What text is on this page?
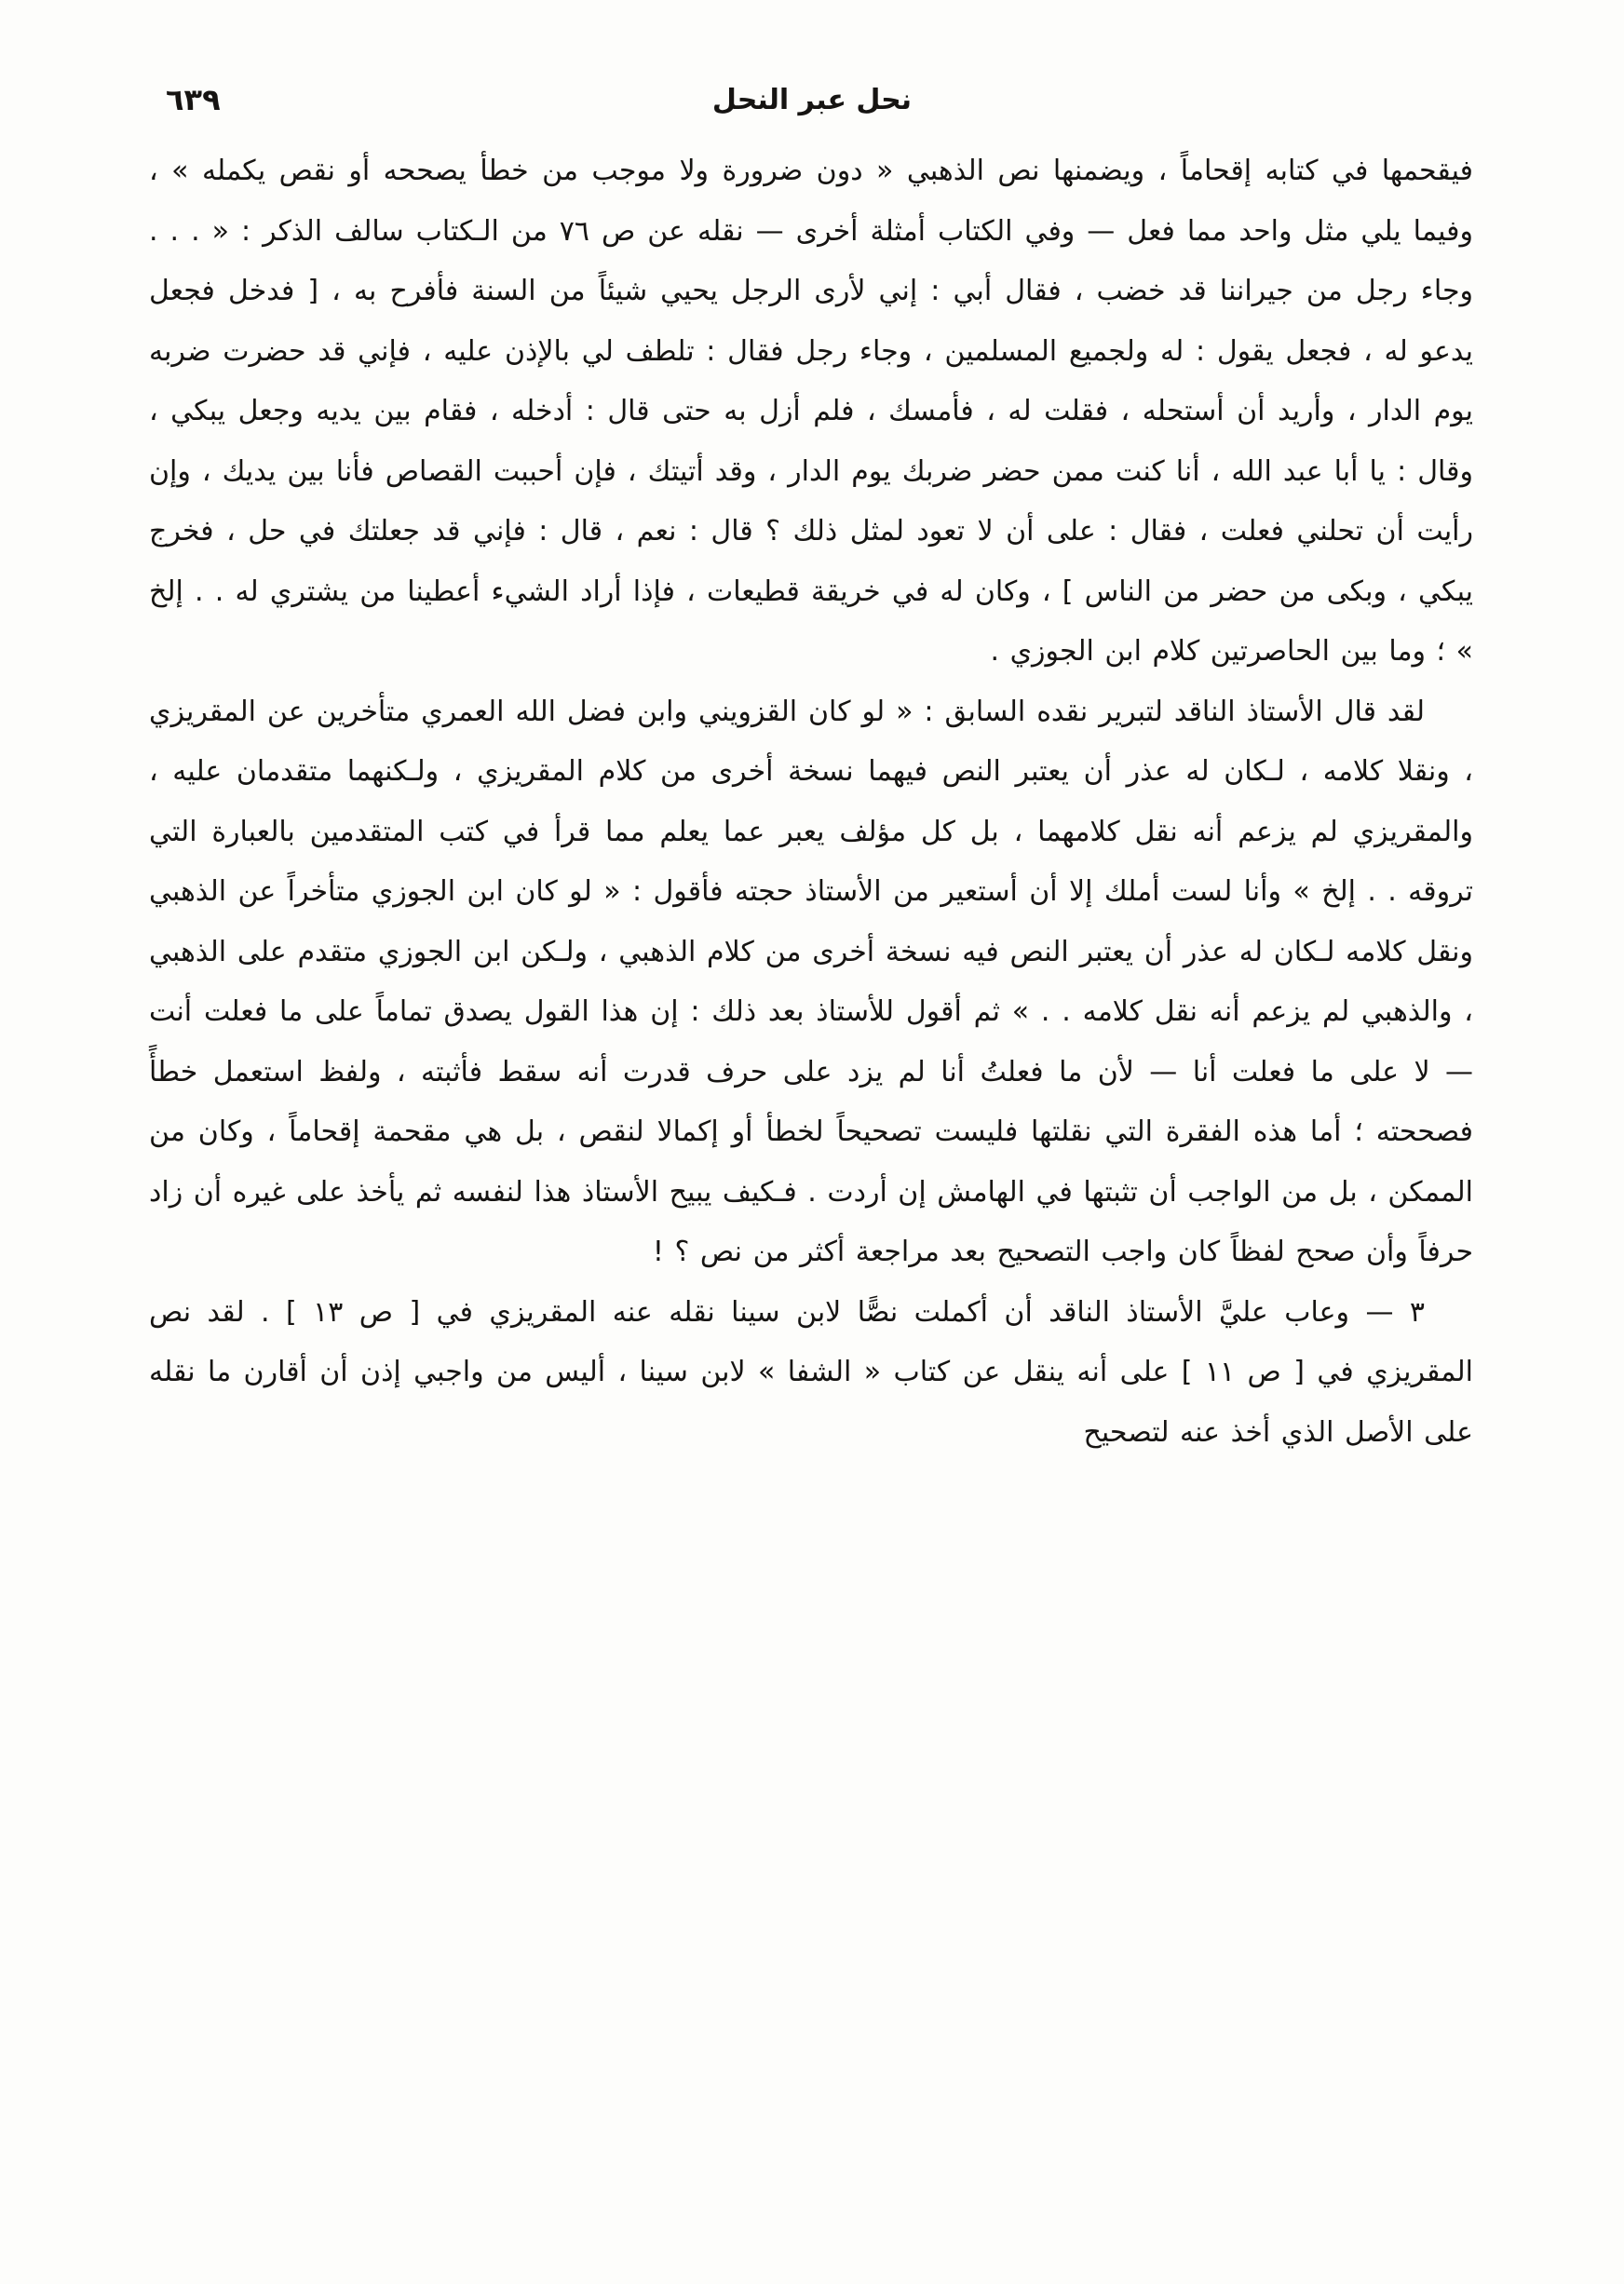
٦٣٩	نحل عبر النحل

فيقحمها في كتابه إقحاماً ، ويضمنها نص الذهبي « دون ضرورة ولا موجب من خطأ يصححه أو نقص يكمله » ، وفيما يلي مثل واحد مما فعل — وفي الكتاب أمثلة أخرى — نقله عن ص ٧٦ من الـكتاب سالف الذكر : « . . . وجاء رجل من جيراننا قد خضب ، فقال أبي : إني لأرى الرجل يحيي شيئاً من السنة فأفرح به ، [ فدخل فجعل يدعو له ، فجعل يقول : له ولجميع المسلمين ، وجاء رجل فقال : تلطف لي بالإذن عليه ، فإني قد حضرت ضربه يوم الدار ، وأريد أن أستحله ، فقلت له ، فأمسك ، فلم أزل به حتى قال : أدخله ، فقام بين يديه وجعل يبكي ، وقال : يا أبا عبد الله ، أنا كنت ممن حضر ضربك يوم الدار ، وقد أتيتك ، فإن أحببت القصاص فأنا بين يديك ، وإن رأيت أن تحلني فعلت ، فقال : على أن لا تعود لمثل ذلك ؟ قال : نعم ، قال : فإني قد جعلتك في حل ، فخرج يبكي ، وبكى من حضر من الناس ] ، وكان له في خريقة قطيعات ، فإذا أراد الشيء أعطينا من يشتري له . . إلخ » ؛ وما بين الحاصرتين كلام ابن الجوزي .

لقد قال الأستاذ الناقد لتبرير نقده السابق : « لو كان القزويني وابن فضل الله العمري متأخرين عن المقريزي ، ونقلا كلامه ، لـكان له عذر أن يعتبر النص فيهما نسخة أخرى من كلام المقريزي ، ولـكنهما متقدمان عليه ، والمقريزي لم يزعم أنه نقل كلامهما ، بل كل مؤلف يعبر عما يعلم مما قرأ في كتب المتقدمين بالعبارة التي تروقه . . إلخ » وأنا لست أملك إلا أن أستعير من الأستاذ حجته فأقول : « لو كان ابن الجوزي متأخراً عن الذهبي ونقل كلامه لـكان له عذر أن يعتبر النص فيه نسخة أخرى من كلام الذهبي ، ولـكن ابن الجوزي متقدم على الذهبي ، والذهبي لم يزعم أنه نقل كلامه . . » ثم أقول للأستاذ بعد ذلك : إن هذا القول يصدق تماماً على ما فعلت أنت — لا على ما فعلت أنا — لأن ما فعلتُ أنا لم يزد على حرف قدرت أنه سقط فأثبته ، ولفظ استعمل خطأً فصححته ؛ أما هذه الفقرة التي نقلتها فليست تصحيحاً لخطأ أو إكمالا لنقص ، بل هي مقحمة إقحاماً ، وكان من الممكن ، بل من الواجب أن تثبتها في الهامش إن أردت . فـكيف يبيح الأستاذ هذا لنفسه ثم يأخذ على غيره أن زاد حرفاً وأن صحح لفظاً كان واجب التصحيح بعد مراجعة أكثر من نص ؟ !

٣ — وعاب عليَّ الأستاذ الناقد أن أكملت نصًّا لابن سينا نقله عنه المقريزي في [ ص ١٣ ] . لقد نص المقريزي في [ ص ١١ ] على أنه ينقل عن كتاب « الشفا » لابن سينا ، أليس من واجبي إذن أن أقارن ما نقله على الأصل الذي أخذ عنه لتصحيح
